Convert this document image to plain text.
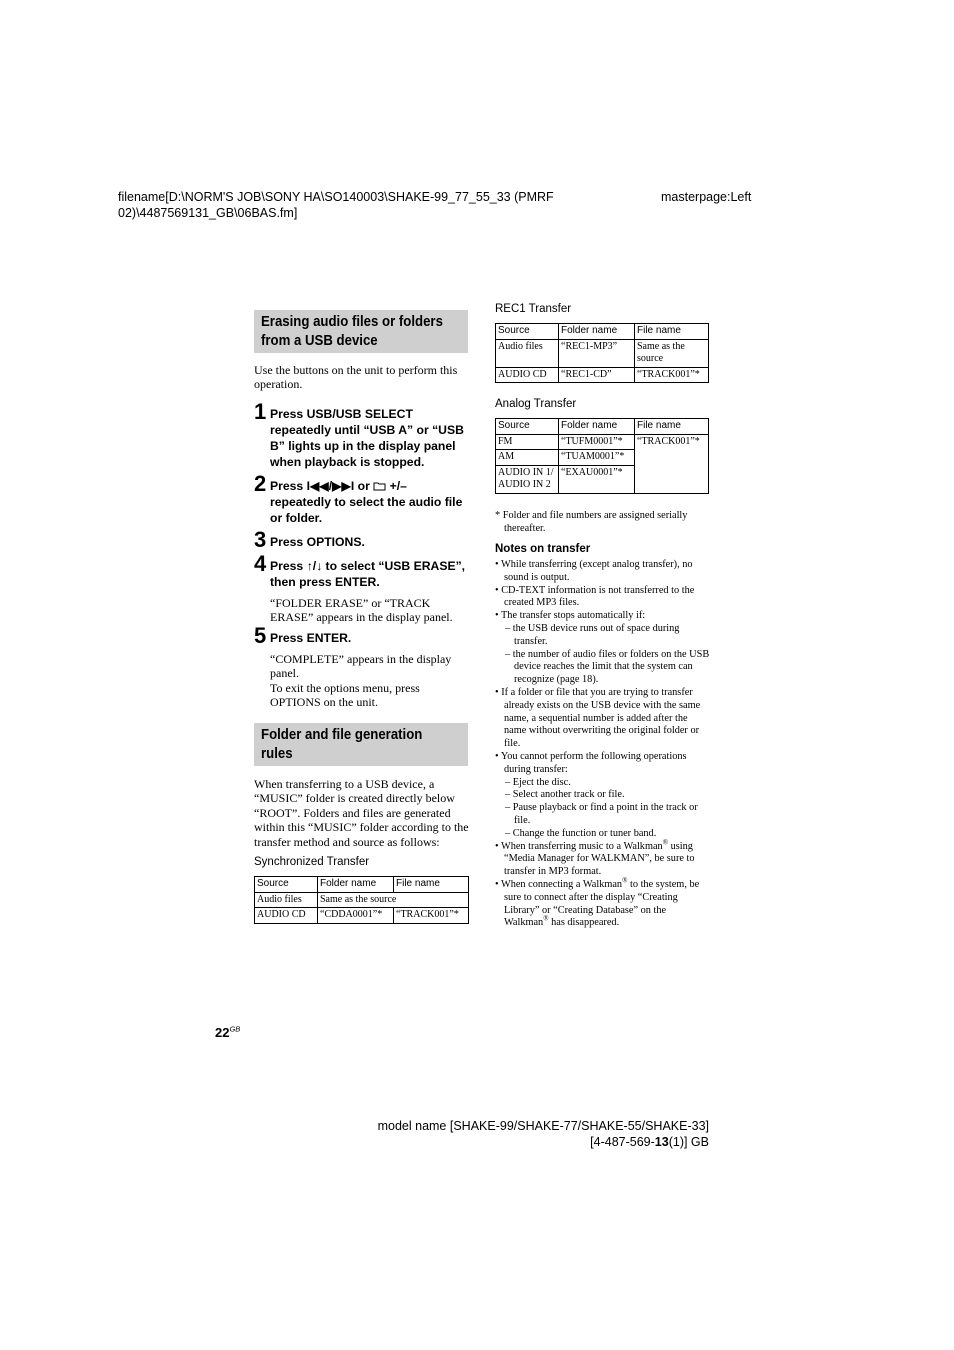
filename[D:\NORM'S JOB\SONY HA\SO140003\SHAKE-99_77_55_33 (PMRF
02)\4487569131_GB\06BAS.fm]
masterpage:Left
Erasing audio files or folders
from a USB device
Use the buttons on the unit to perform this operation.
1 Press USB/USB SELECT repeatedly until “USB A” or “USB B” lights up in the display panel when playback is stopped.
2 Press I◀◀/▶▶I or  +/– repeatedly to select the audio file or folder.
3 Press OPTIONS.
4 Press ↑/↓ to select “USB ERASE”, then press ENTER.
“FOLDER ERASE” or “TRACK ERASE” appears in the display panel.
5 Press ENTER.
“COMPLETE” appears in the display panel.
To exit the options menu, press OPTIONS on the unit.
Folder and file generation
rules
When transferring to a USB device, a “MUSIC” folder is created directly below “ROOT”. Folders and files are generated within this “MUSIC” folder according to the transfer method and source as follows:
Synchronized Transfer
Source	Folder name	File name
Audio files	Same as the source	
AUDIO CD	“CDDA0001”*	“TRACK001”*
REC1 Transfer
Source	Folder name	File name
Audio files	“REC1-MP3”	Same as the source
AUDIO CD	“REC1-CD”	“TRACK001”*
Analog Transfer
Source	Folder name	File name
FM	“TUFM0001”*	“TRACK001”*
AM	“TUAM0001”*	
AUDIO IN 1/ AUDIO IN 2	“EXAU0001”*	
* Folder and file numbers are assigned serially thereafter.
Notes on transfer
• While transferring (except analog transfer), no sound is output.
• CD-TEXT information is not transferred to the created MP3 files.
• The transfer stops automatically if:
– the USB device runs out of space during transfer.
– the number of audio files or folders on the USB device reaches the limit that the system can recognize (page 18).
• If a folder or file that you are trying to transfer already exists on the USB device with the same name, a sequential number is added after the name without overwriting the original folder or file.
• You cannot perform the following operations during transfer:
– Eject the disc.
– Select another track or file.
– Pause playback or find a point in the track or file.
– Change the function or tuner band.
• When transferring music to a Walkman® using “Media Manager for WALKMAN”, be sure to transfer in MP3 format.
• When connecting a Walkman® to the system, be sure to connect after the display “Creating Library” or “Creating Database” on the Walkman® has disappeared.
$22^{GB}$
model name [SHAKE-99/SHAKE-77/SHAKE-55/SHAKE-33]
[4-487-569-13(1)] GB
